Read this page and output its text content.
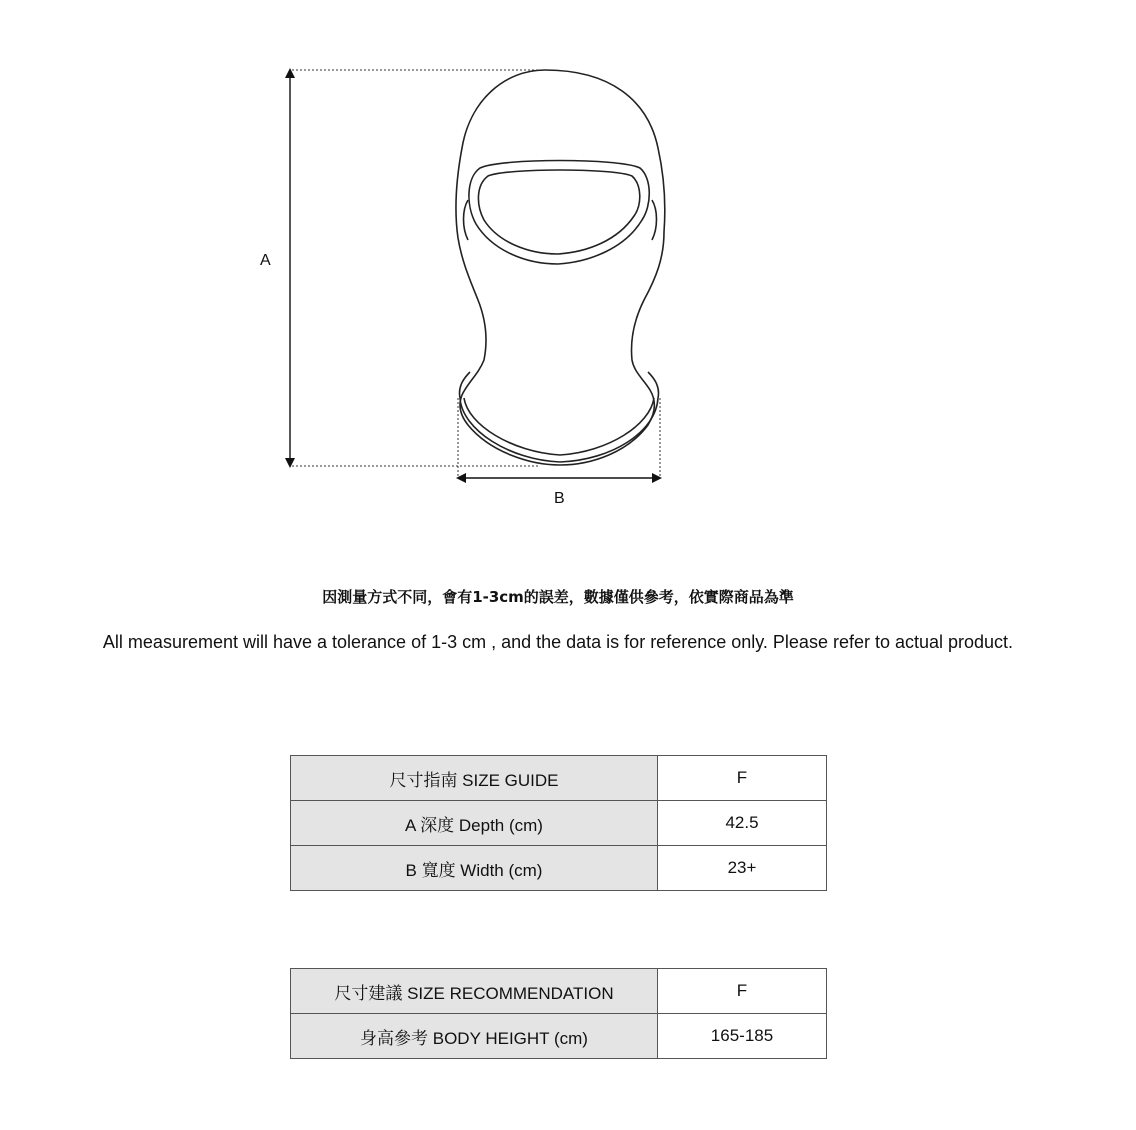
A
B
因測量方式不同，會有1-3cm的誤差，數據僅供參考，依實際商品為準
All measurement will have a tolerance of 1-3 cm , and the data is for reference only. Please refer to actual product.
尺寸指南 SIZE GUIDE	F
A 深度 Depth (cm)	42.5
B 寬度 Width (cm)	23+
尺寸建議 SIZE RECOMMENDATION	F
身高參考 BODY HEIGHT (cm)	165-185
